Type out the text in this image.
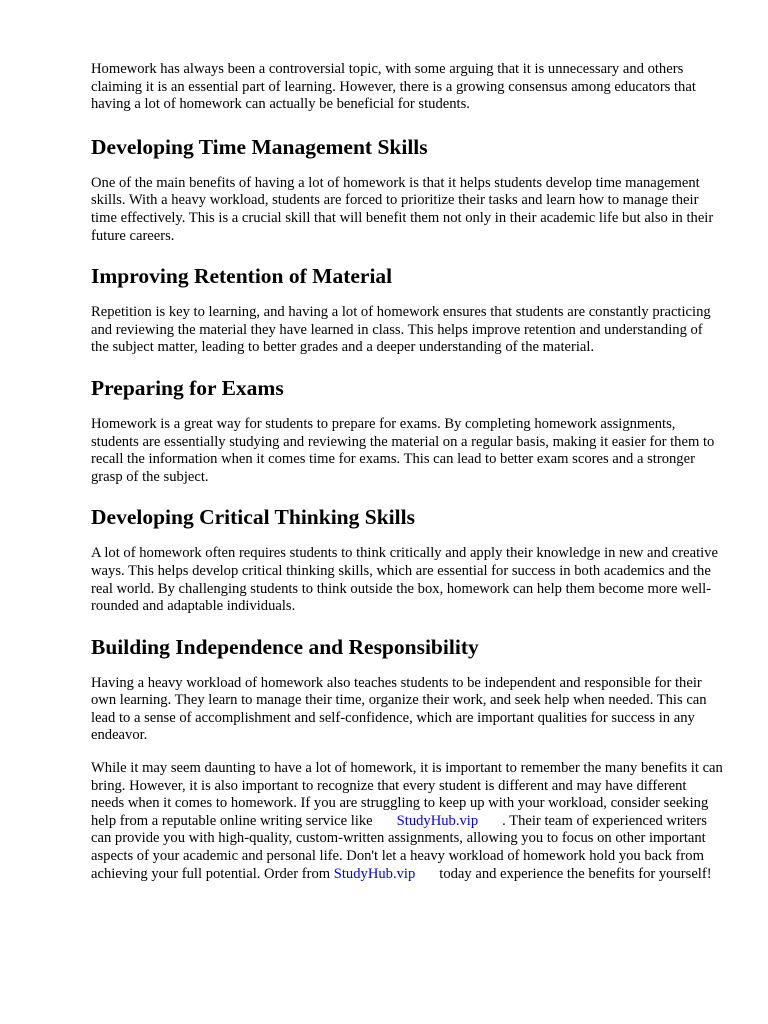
Homework has always been a controversial topic, with some arguing that it is unnecessary and others claiming it is an essential part of learning. However, there is a growing consensus among educators that having a lot of homework can actually be beneficial for students.

Developing Time Management Skills

One of the main benefits of having a lot of homework is that it helps students develop time management skills. With a heavy workload, students are forced to prioritize their tasks and learn how to manage their time effectively. This is a crucial skill that will benefit them not only in their academic life but also in their future careers.

Improving Retention of Material

Repetition is key to learning, and having a lot of homework ensures that students are constantly practicing and reviewing the material they have learned in class. This helps improve retention and understanding of the subject matter, leading to better grades and a deeper understanding of the material.

Preparing for Exams

Homework is a great way for students to prepare for exams. By completing homework assignments, students are essentially studying and reviewing the material on a regular basis, making it easier for them to recall the information when it comes time for exams. This can lead to better exam scores and a stronger grasp of the subject.

Developing Critical Thinking Skills

A lot of homework often requires students to think critically and apply their knowledge in new and creative ways. This helps develop critical thinking skills, which are essential for success in both academics and the real world. By challenging students to think outside the box, homework can help them become more well-rounded and adaptable individuals.

Building Independence and Responsibility

Having a heavy workload of homework also teaches students to be independent and responsible for their own learning. They learn to manage their time, organize their work, and seek help when needed. This can lead to a sense of accomplishment and self-confidence, which are important qualities for success in any endeavor.

While it may seem daunting to have a lot of homework, it is important to remember the many benefits it can bring. However, it is also important to recognize that every student is different and may have different needs when it comes to homework. If you are struggling to keep up with your workload, consider seeking help from a reputable online writing service like StudyHub.vip . Their team of experienced writers can provide you with high-quality, custom-written assignments, allowing you to focus on other important aspects of your academic and personal life. Don't let a heavy workload of homework hold you back from achieving your full potential. Order from StudyHub.vip today and experience the benefits for yourself!
